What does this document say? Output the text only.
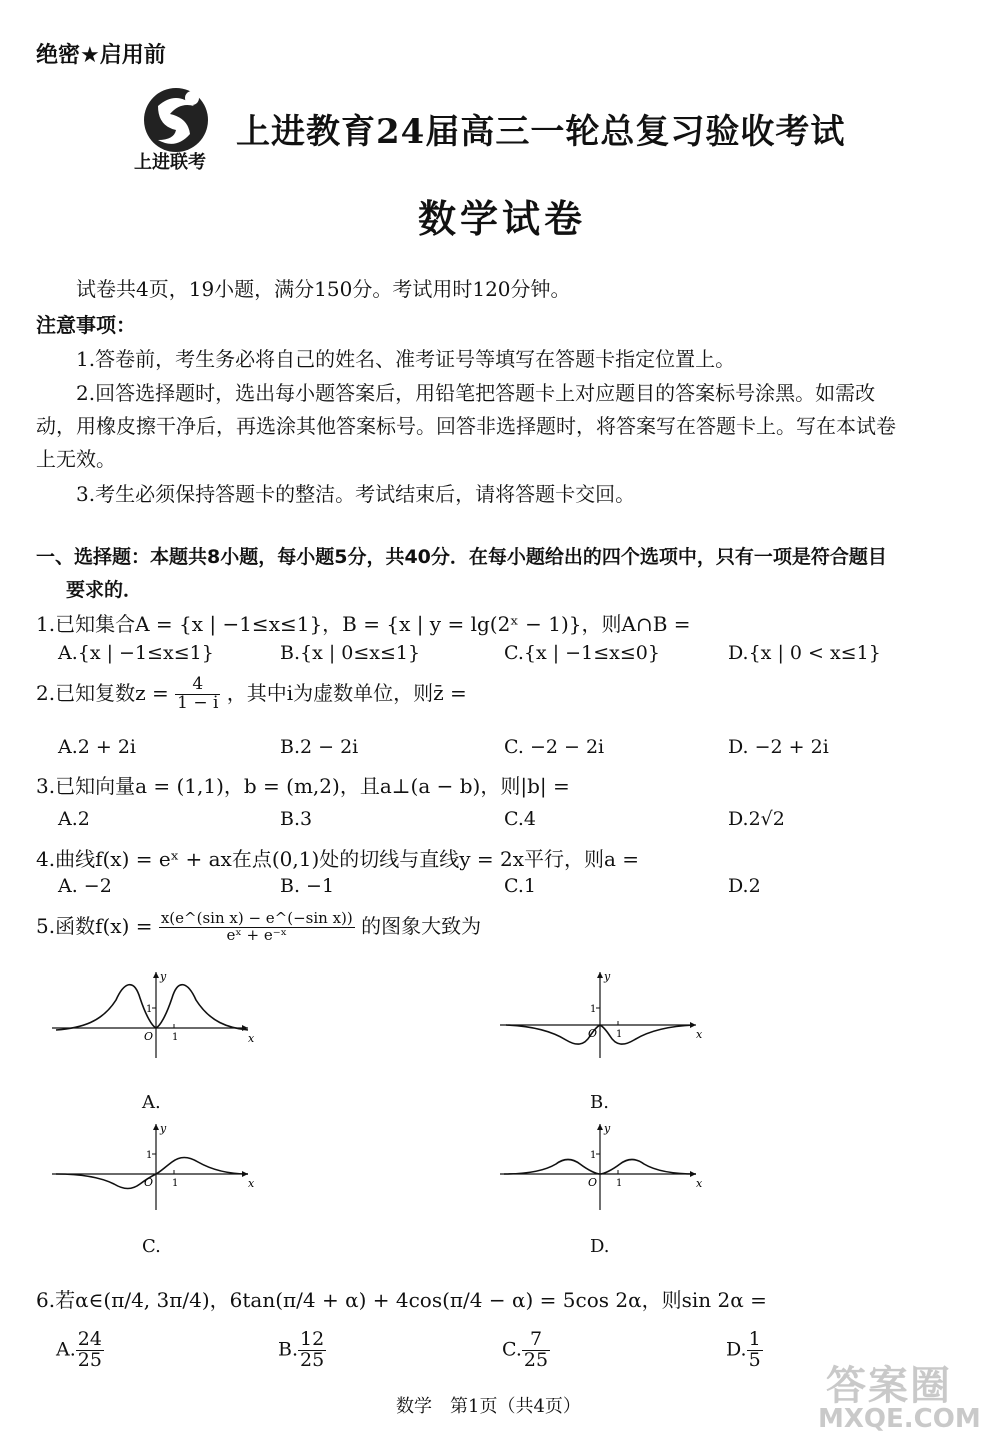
绝密★启用前
上进联考
上进教育24届高三一轮总复习验收考试
数学试卷
试卷共4页，19小题，满分150分。考试用时120分钟。
注意事项：
1.答卷前，考生务必将自己的姓名、准考证号等填写在答题卡指定位置上。
2.回答选择题时，选出每小题答案后，用铅笔把答题卡上对应题目的答案标号涂黑。如需改
动，用橡皮擦干净后，再选涂其他答案标号。回答非选择题时，将答案写在答题卡上。写在本试卷
上无效。
3.考生必须保持答题卡的整洁。考试结束后，请将答题卡交回。
一、选择题：本题共8小题，每小题5分，共40分．在每小题给出的四个选项中，只有一项是符合题目
要求的．
1.已知集合A = {x | −1≤x≤1}，B = {x | y = lg(2ˣ − 1)}，则A∩B =
A.{x | −1≤x≤1}	B.{x | 0≤x≤1}	C.{x | −1≤x≤0}	D.{x | 0 < x≤1}
2.已知复数$z = \frac{4}{1 - i}$ ，其中i为虚数单位，则z̄ =
A.2 + 2i	B.2 − 2i	C. −2 − 2i	D. −2 + 2i
3.已知向量a = (1,1)，b = (m,2)，且a⊥(a − b)，则|b| =
A.2	B.3	C.4	D.2√2
4.曲线f(x) = eˣ + ax在点(0,1)处的切线与直线y = 2x平行，则a =
A. −2	B. −1	C.1	D.2
5.函数$f(x) = \frac{\text{x(e\textasciicircum{}(sin x) − e\textasciicircum{}(−sin x))}}{\text{eˣ + e⁻ˣ}}$ 的图象大致为
x
y
O
1
1
A.
x
y
O
1
1
B.
x
y
O
1
1
C.
x
y
O
1
1
D.
6.若α∈(π/4, 3π/4)，6tan(π/4 + α) + 4cos(π/4 − α) = 5cos 2α，则sin 2α =
A. $\frac{24}{25}$	B. $\frac{12}{25}$	C. $\frac{7}{25}$	D. $\frac{1}{5}$
数学　第1页（共4页）	答案圈
MXQE.COM
